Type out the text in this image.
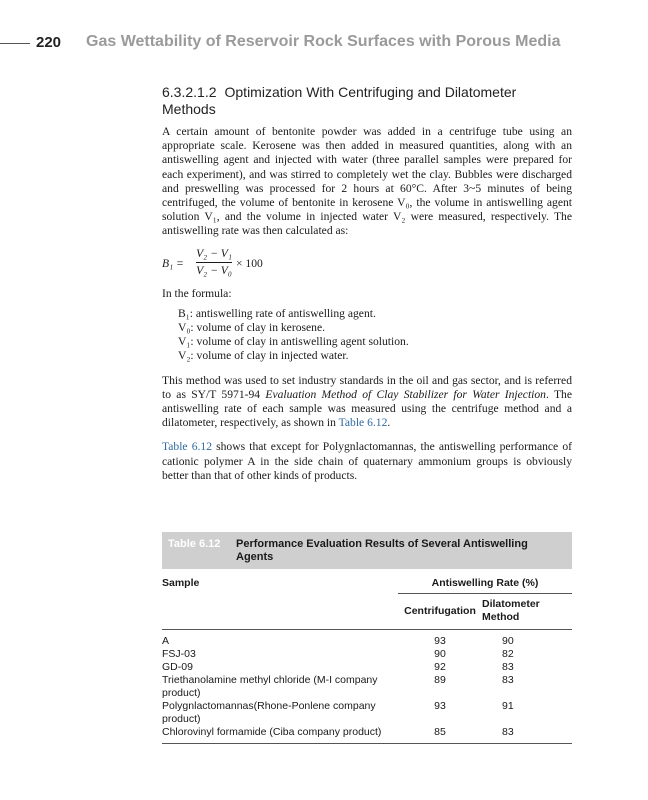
220 Gas Wettability of Reservoir Rock Surfaces with Porous Media
6.3.2.1.2 Optimization With Centrifuging and Dilatometer Methods

A certain amount of bentonite powder was added in a centrifuge tube using an appropriate scale. Kerosene was then added in measured quantities, along with an antiswelling agent and injected with water (three parallel samples were prepared for each experiment), and was stirred to completely wet the clay. Bubbles were discharged and preswelling was processed for 2 hours at 60°C. After 3~5 minutes of being centrifuged, the volume of bentonite in kerosene V₀, the volume in antiswelling agent solution V₁, and the volume in injected water V₂ were measured, respectively. The antiswelling rate was then calculated as:

B₁ =
V₂ − V₁
V₂ − V₀
× 100

In the formula:

B₁: antiswelling rate of antiswelling agent.
V₀: volume of clay in kerosene.
V₁: volume of clay in antiswelling agent solution.
V₂: volume of clay in injected water.

This method was used to set industry standards in the oil and gas sector, and is referred to as SY/T 5971-94 Evaluation Method of Clay Stabilizer for Water Injection. The antiswelling rate of each sample was measured using the centrifuge method and a dilatometer, respectively, as shown in Table 6.12.

Table 6.12 shows that except for Polygnlactomannas, the antiswelling performance of cationic polymer A in the side chain of quaternary ammonium groups is obviously better than that of other kinds of products.

Table 6.12	Performance Evaluation Results of Several Antiswelling Agents
Sample	Antiswelling Rate (%)	
	Centrifugation	Dilatometer Method
A	93	90
FSJ-03	90	82
GD-09	92	83
Triethanolamine methyl chloride (M-I company product)	89	83
Polygnlactomannas(Rhone-Ponlene company product)	93	91
Chlorovinyl formamide (Ciba company product)	85	83
